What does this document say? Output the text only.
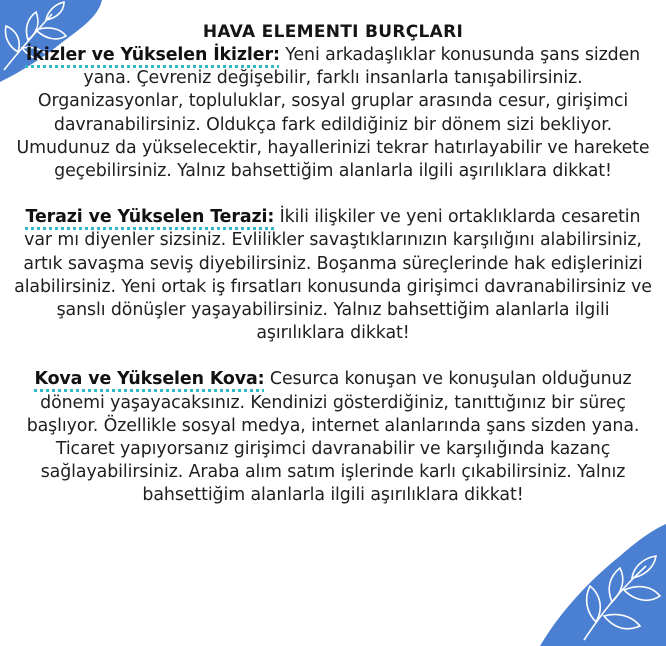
HAVA ELEMENTI BURÇLARI

İkizler ve Yükselen İkizler: Yeni arkadaşlıklar konusunda şans sizden yana. Çevreniz değişebilir, farklı insanlarla tanışabilirsiniz. Organizasyonlar, topluluklar, sosyal gruplar arasında cesur, girişimci davranabilirsiniz. Oldukça fark edildiğiniz bir dönem sizi bekliyor. Umudunuz da yükselecektir, hayallerinizi tekrar hatırlayabilir ve harekete geçebilirsiniz. Yalnız bahsettiğim alanlarla ilgili aşırılıklara dikkat!

Terazi ve Yükselen Terazi: İkili ilişkiler ve yeni ortaklıklarda cesaretin var mı diyenler sizsiniz. Evlilikler savaştıklarınızın karşılığını alabilirsiniz, artık savaşma seviş diyebilirsiniz. Boşanma süreçlerinde hak edişlerinizi alabilirsiniz. Yeni ortak iş fırsatları konusunda girişimci davranabilirsiniz ve şanslı dönüşler yaşayabilirsiniz. Yalnız bahsettiğim alanlarla ilgili aşırılıklara dikkat!

Kova ve Yükselen Kova: Cesurca konuşan ve konuşulan olduğunuz dönemi yaşayacaksınız. Kendinizi gösterdiğiniz, tanıttığınız bir süreç başlıyor. Özellikle sosyal medya, internet alanlarında şans sizden yana. Ticaret yapıyorsanız girişimci davranabilir ve karşılığında kazanç sağlayabilirsiniz. Araba alım satım işlerinde karlı çıkabilirsiniz. Yalnız bahsettiğim alanlarla ilgili aşırılıklara dikkat!
